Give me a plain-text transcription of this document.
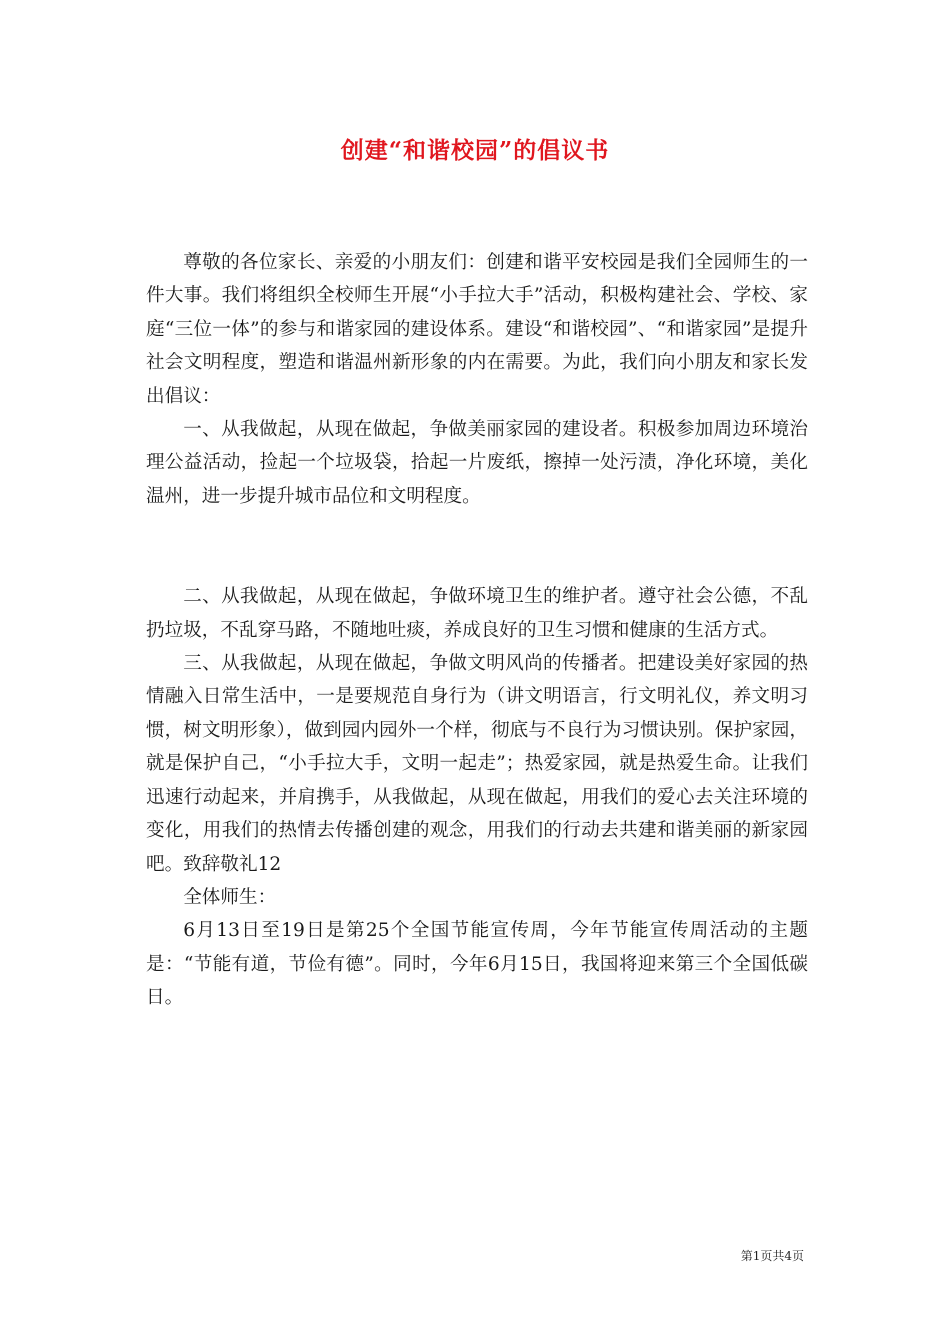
创建“和谐校园”的倡议书

尊敬的各位家长、亲爱的小朋友们：创建和谐平安校园是我们全园师生的一件大事。我们将组织全校师生开展“小手拉大手”活动，积极构建社会、学校、家庭“三位一体”的参与和谐家园的建设体系。建设“和谐校园”、“和谐家园”是提升社会文明程度，塑造和谐温州新形象的内在需要。为此，我们向小朋友和家长发出倡议：

一、从我做起，从现在做起，争做美丽家园的建设者。积极参加周边环境治理公益活动，捡起一个垃圾袋，拾起一片废纸，擦掉一处污渍，净化环境，美化温州，进一步提升城市品位和文明程度。

二、从我做起，从现在做起，争做环境卫生的维护者。遵守社会公德，不乱扔垃圾，不乱穿马路，不随地吐痰，养成良好的卫生习惯和健康的生活方式。

三、从我做起，从现在做起，争做文明风尚的传播者。把建设美好家园的热情融入日常生活中，一是要规范自身行为（讲文明语言，行文明礼仪，养文明习惯，树文明形象），做到园内园外一个样，彻底与不良行为习惯诀别。保护家园，就是保护自己，“小手拉大手，文明一起走”；热爱家园，就是热爱生命。让我们迅速行动起来，并肩携手，从我做起，从现在做起，用我们的爱心去关注环境的变化，用我们的热情去传播创建的观念，用我们的行动去共建和谐美丽的新家园吧。致辞敬礼12

全体师生：

6月13日至19日是第25个全国节能宣传周，今年节能宣传周活动的主题是：“节能有道，节俭有德”。同时，今年6月15日，我国将迎来第三个全国低碳日。

第1页共4页
